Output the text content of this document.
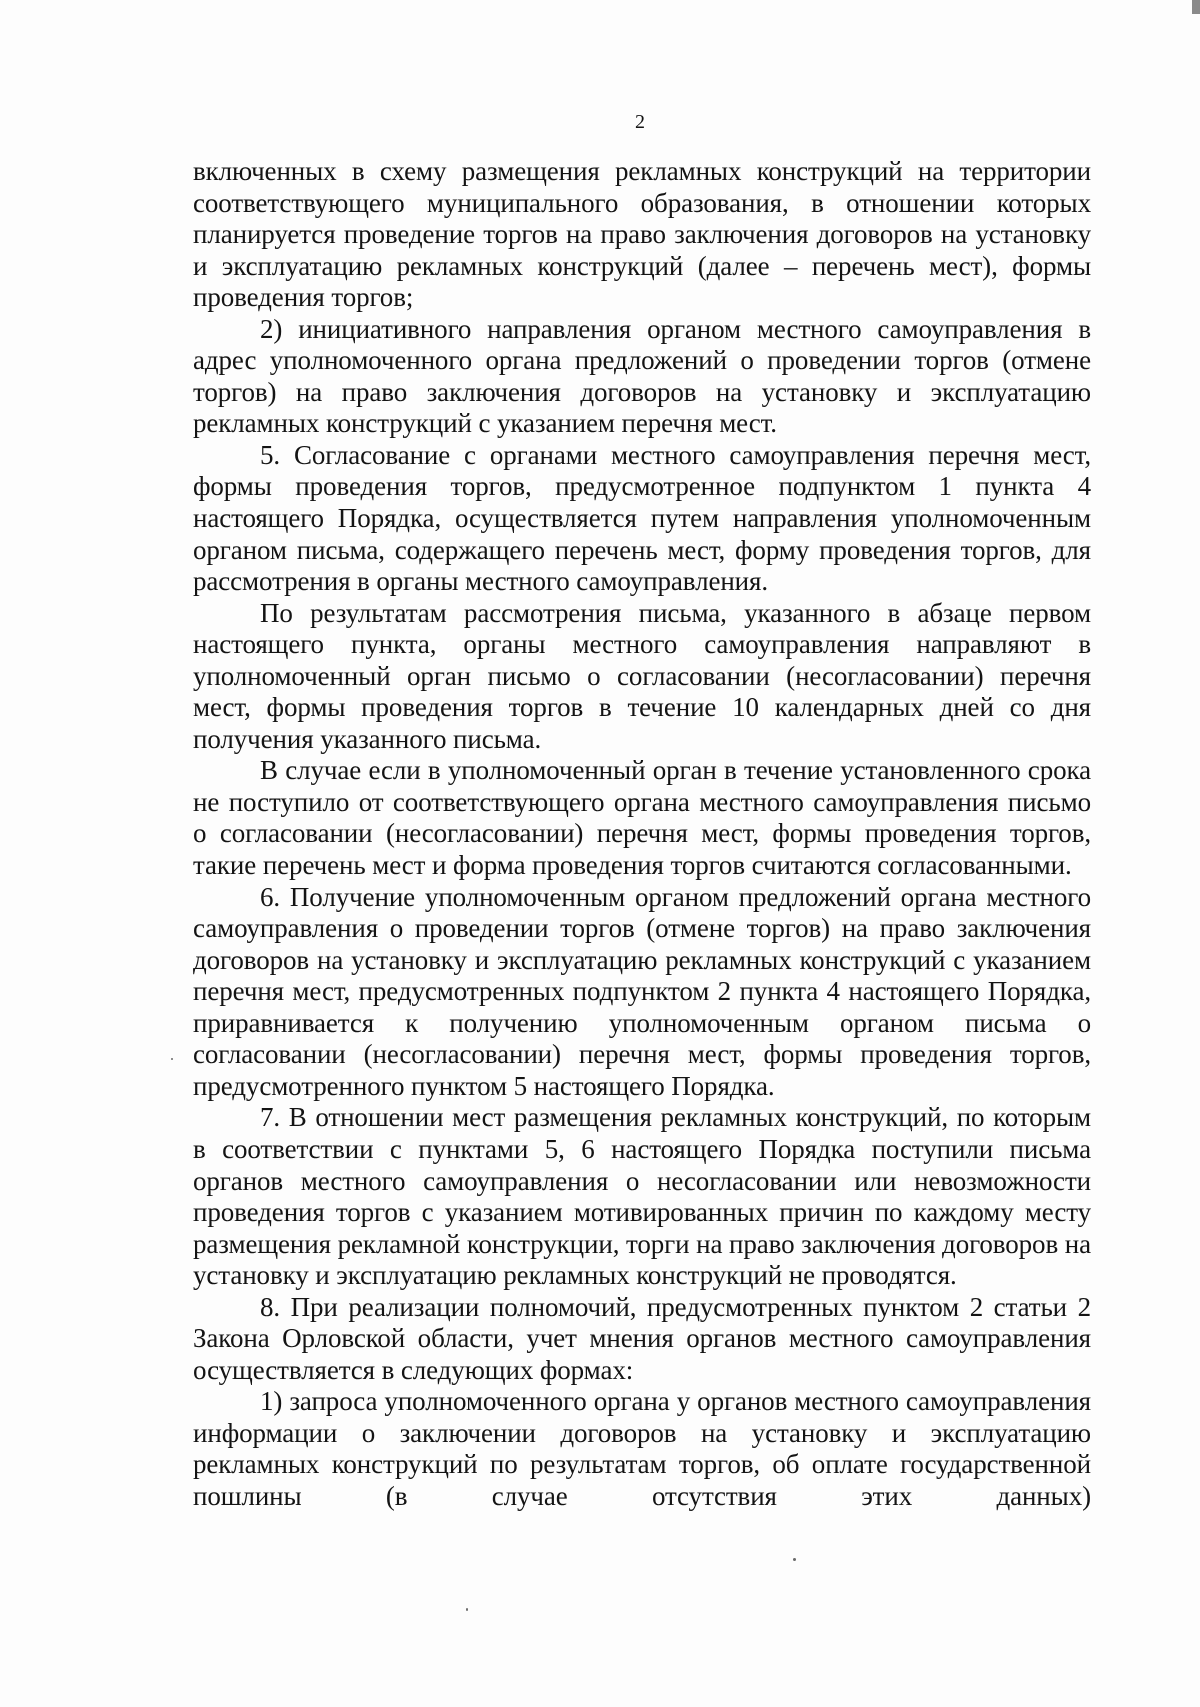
2

включенных в схему размещения рекламных конструкций на территории соответствующего муниципального образования, в отношении которых планируется проведение торгов на право заключения договоров на установку и эксплуатацию рекламных конструкций (далее – перечень мест), формы проведения торгов;

2) инициативного направления органом местного самоуправления в адрес уполномоченного органа предложений о проведении торгов (отмене торгов) на право заключения договоров на установку и эксплуатацию рекламных конструкций с указанием перечня мест.

5. Согласование с органами местного самоуправления перечня мест, формы проведения торгов, предусмотренное подпунктом 1 пункта 4 настоящего Порядка, осуществляется путем направления уполномоченным органом письма, содержащего перечень мест, форму проведения торгов, для рассмотрения в органы местного самоуправления.

По результатам рассмотрения письма, указанного в абзаце первом настоящего пункта, органы местного самоуправления направляют в уполномоченный орган письмо о согласовании (несогласовании) перечня мест, формы проведения торгов в течение 10 календарных дней со дня получения указанного письма.

В случае если в уполномоченный орган в течение установленного срока не поступило от соответствующего органа местного самоуправления письмо о согласовании (несогласовании) перечня мест, формы проведения торгов, такие перечень мест и форма проведения торгов считаются согласованными.

6. Получение уполномоченным органом предложений органа местного самоуправления о проведении торгов (отмене торгов) на право заключения договоров на установку и эксплуатацию рекламных конструкций с указанием перечня мест, предусмотренных подпунктом 2 пункта 4 настоящего Порядка, приравнивается к получению уполномоченным органом письма о согласовании (несогласовании) перечня мест, формы проведения торгов, предусмотренного пунктом 5 настоящего Порядка.

7. В отношении мест размещения рекламных конструкций, по которым в соответствии с пунктами 5, 6 настоящего Порядка поступили письма органов местного самоуправления о несогласовании или невозможности проведения торгов с указанием мотивированных причин по каждому месту размещения рекламной конструкции, торги на право заключения договоров на установку и эксплуатацию рекламных конструкций не проводятся.

8. При реализации полномочий, предусмотренных пунктом 2 статьи 2 Закона Орловской области, учет мнения органов местного самоуправления осуществляется в следующих формах:

1) запроса уполномоченного органа у органов местного самоуправления информации о заключении договоров на установку и эксплуатацию рекламных конструкций по результатам торгов, об оплате государственной пошлины (в случае отсутствия этих данных)
